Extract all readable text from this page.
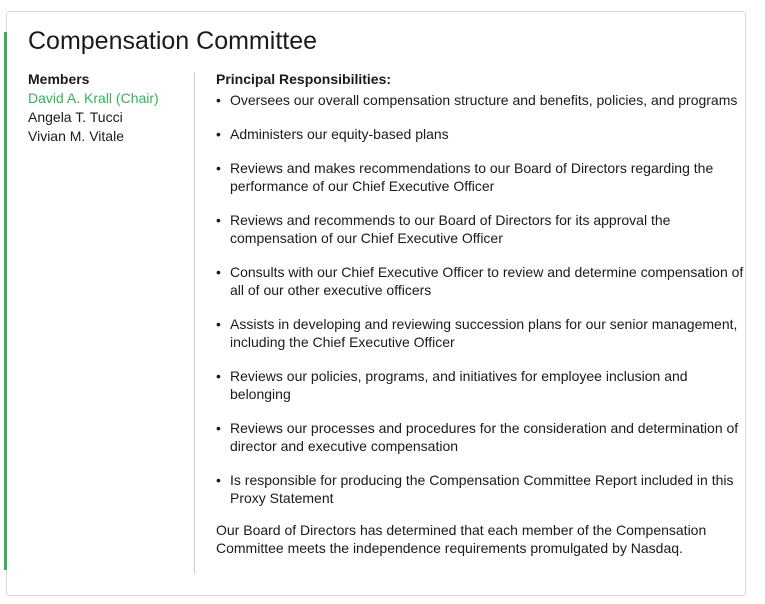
Compensation Committee
Members
David A. Krall (Chair)
Angela T. Tucci
Vivian M. Vitale
Principal Responsibilities:
• Oversees our overall compensation structure and benefits, policies, and programs
• Administers our equity-based plans
• Reviews and makes recommendations to our Board of Directors regarding the performance of our Chief Executive Officer
• Reviews and recommends to our Board of Directors for its approval the compensation of our Chief Executive Officer
• Consults with our Chief Executive Officer to review and determine compensation of all of our other executive officers
• Assists in developing and reviewing succession plans for our senior management, including the Chief Executive Officer
• Reviews our policies, programs, and initiatives for employee inclusion and belonging
• Reviews our processes and procedures for the consideration and determination of director and executive compensation
• Is responsible for producing the Compensation Committee Report included in this Proxy Statement

Our Board of Directors has determined that each member of the Compensation Committee meets the independence requirements promulgated by Nasdaq.
